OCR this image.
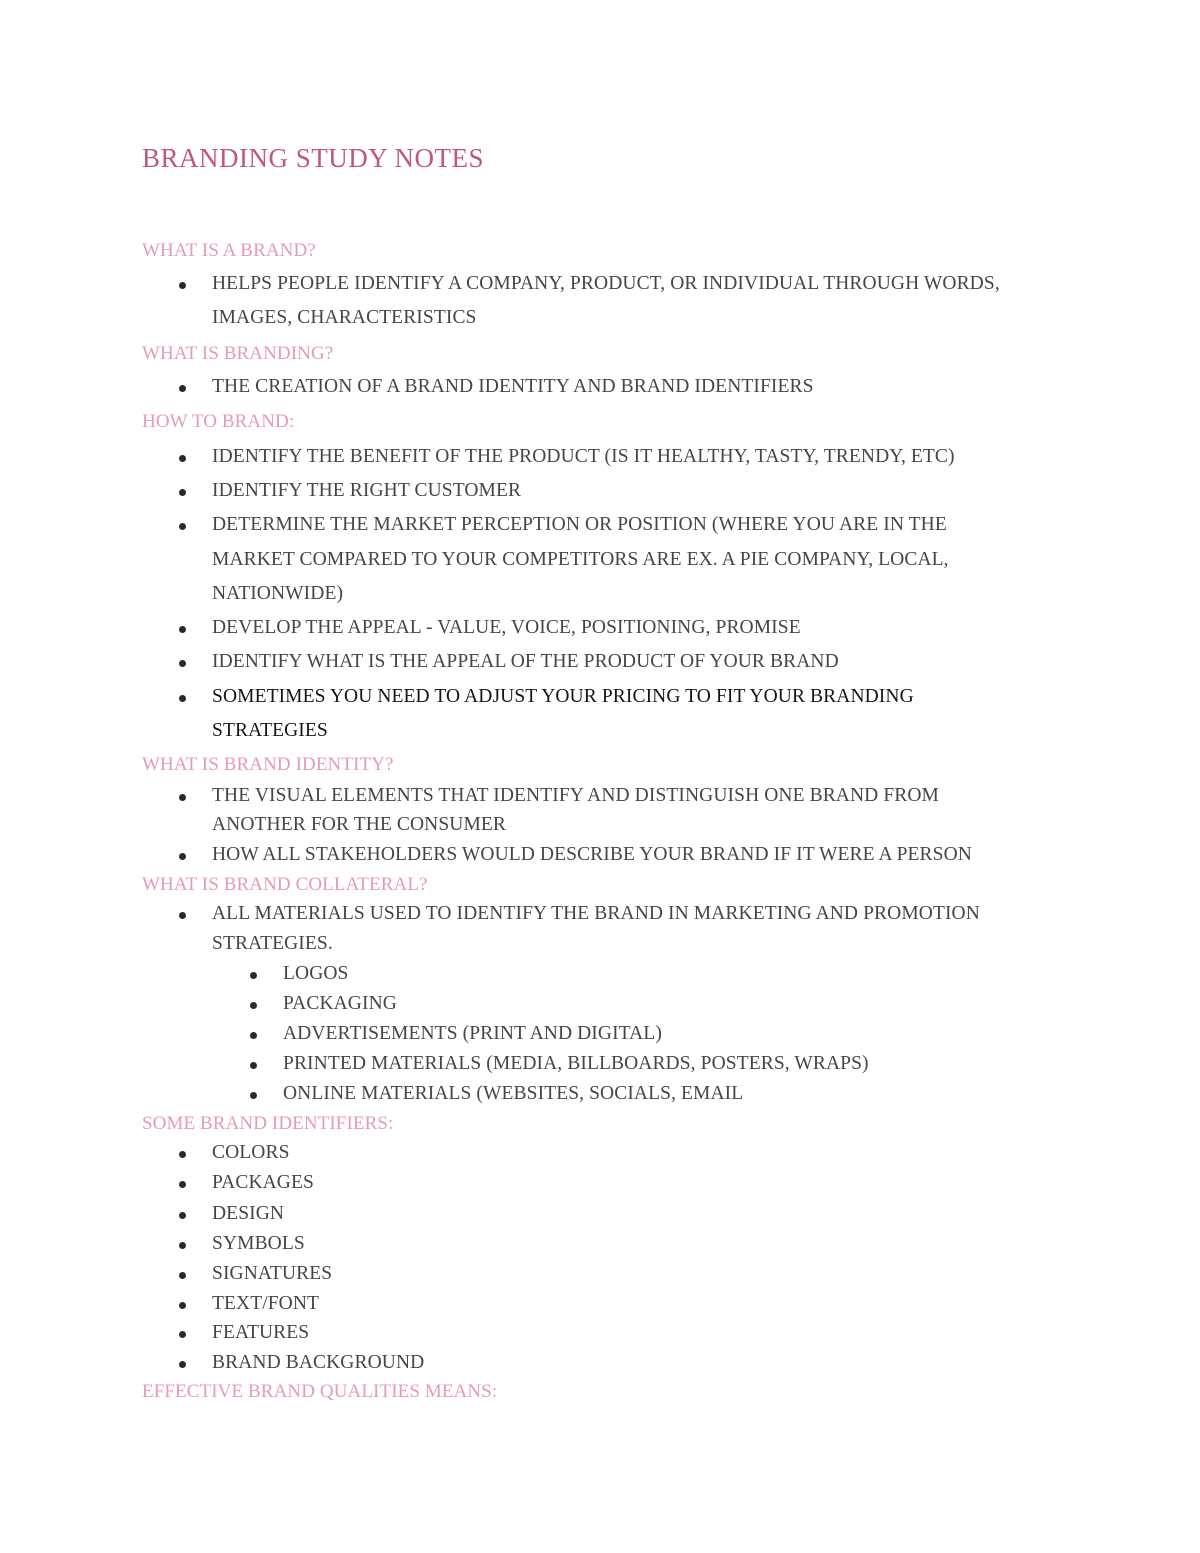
BRANDING STUDY NOTES
WHAT IS A BRAND?
HELPS PEOPLE IDENTIFY A COMPANY, PRODUCT, OR INDIVIDUAL THROUGH WORDS,
IMAGES, CHARACTERISTICS
WHAT IS BRANDING?
THE CREATION OF A BRAND IDENTITY AND BRAND IDENTIFIERS
HOW TO BRAND:
IDENTIFY THE BENEFIT OF THE PRODUCT (IS IT HEALTHY, TASTY, TRENDY, ETC)
IDENTIFY THE RIGHT CUSTOMER
DETERMINE THE MARKET PERCEPTION OR POSITION (WHERE YOU ARE IN THE
MARKET COMPARED TO YOUR COMPETITORS ARE EX. A PIE COMPANY, LOCAL,
NATIONWIDE)
DEVELOP THE APPEAL - VALUE, VOICE, POSITIONING, PROMISE
IDENTIFY WHAT IS THE APPEAL OF THE PRODUCT OF YOUR BRAND
SOMETIMES YOU NEED TO ADJUST YOUR PRICING TO FIT YOUR BRANDING
STRATEGIES
WHAT IS BRAND IDENTITY?
THE VISUAL ELEMENTS THAT IDENTIFY AND DISTINGUISH ONE BRAND FROM
ANOTHER FOR THE CONSUMER
HOW ALL STAKEHOLDERS WOULD DESCRIBE YOUR BRAND IF IT WERE A PERSON
WHAT IS BRAND COLLATERAL?
ALL MATERIALS USED TO IDENTIFY THE BRAND IN MARKETING AND PROMOTION
STRATEGIES.
LOGOS
PACKAGING
ADVERTISEMENTS (PRINT AND DIGITAL)
PRINTED MATERIALS (MEDIA, BILLBOARDS, POSTERS, WRAPS)
ONLINE MATERIALS (WEBSITES, SOCIALS, EMAIL
SOME BRAND IDENTIFIERS:
COLORS
PACKAGES
DESIGN
SYMBOLS
SIGNATURES
TEXT/FONT
FEATURES
BRAND BACKGROUND
EFFECTIVE BRAND QUALITIES MEANS:
